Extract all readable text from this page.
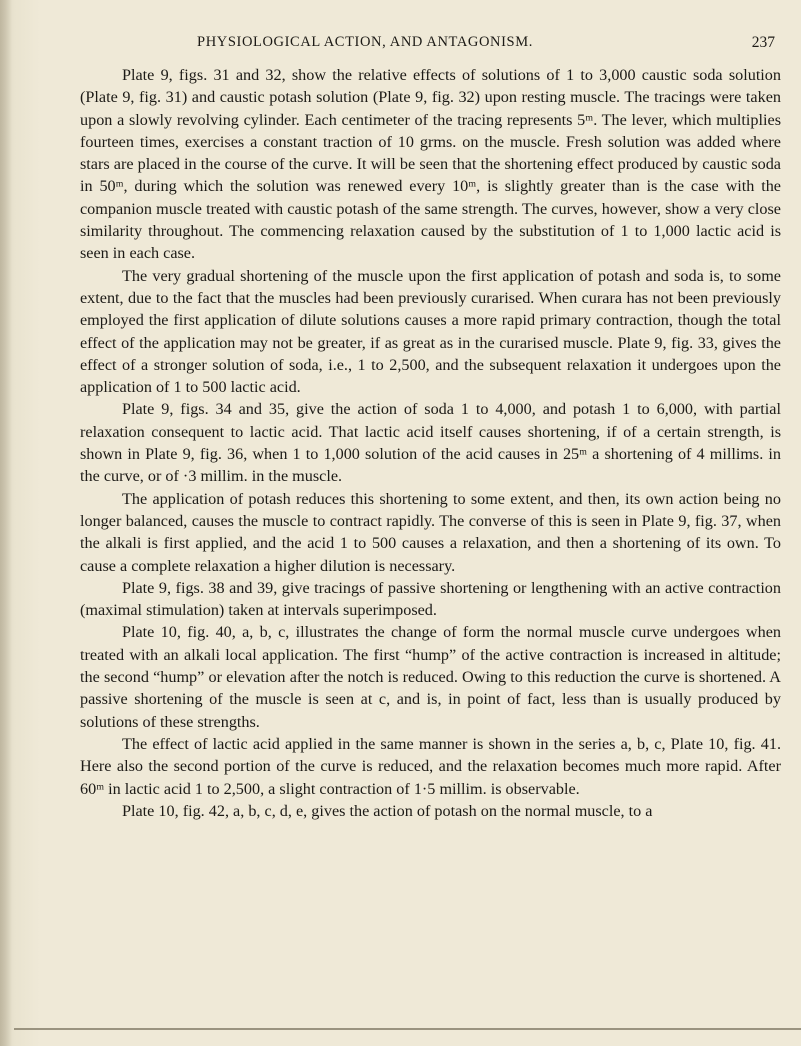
PHYSIOLOGICAL ACTION, AND ANTAGONISM.	237

Plate 9, figs. 31 and 32, show the relative effects of solutions of 1 to 3,000 caustic soda solution (Plate 9, fig. 31) and caustic potash solution (Plate 9, fig. 32) upon resting muscle. The tracings were taken upon a slowly revolving cylinder. Each centimeter of the tracing represents 5ᵐ. The lever, which multiplies fourteen times, exercises a constant traction of 10 grms. on the muscle. Fresh solution was added where stars are placed in the course of the curve. It will be seen that the shortening effect produced by caustic soda in 50ᵐ, during which the solution was renewed every 10ᵐ, is slightly greater than is the case with the companion muscle treated with caustic potash of the same strength. The curves, however, show a very close similarity throughout. The commencing relaxation caused by the substitution of 1 to 1,000 lactic acid is seen in each case.

The very gradual shortening of the muscle upon the first application of potash and soda is, to some extent, due to the fact that the muscles had been previously curarised. When curara has not been previously employed the first application of dilute solutions causes a more rapid primary contraction, though the total effect of the application may not be greater, if as great as in the curarised muscle. Plate 9, fig. 33, gives the effect of a stronger solution of soda, i.e., 1 to 2,500, and the subsequent relaxation it undergoes upon the application of 1 to 500 lactic acid.

Plate 9, figs. 34 and 35, give the action of soda 1 to 4,000, and potash 1 to 6,000, with partial relaxation consequent to lactic acid. That lactic acid itself causes shortening, if of a certain strength, is shown in Plate 9, fig. 36, when 1 to 1,000 solution of the acid causes in 25ᵐ a shortening of 4 millims. in the curve, or of ·3 millim. in the muscle.

The application of potash reduces this shortening to some extent, and then, its own action being no longer balanced, causes the muscle to contract rapidly. The converse of this is seen in Plate 9, fig. 37, when the alkali is first applied, and the acid 1 to 500 causes a relaxation, and then a shortening of its own. To cause a complete relaxation a higher dilution is necessary.

Plate 9, figs. 38 and 39, give tracings of passive shortening or lengthening with an active contraction (maximal stimulation) taken at intervals superimposed.

Plate 10, fig. 40, a, b, c, illustrates the change of form the normal muscle curve undergoes when treated with an alkali local application. The first “hump” of the active contraction is increased in altitude; the second “hump” or elevation after the notch is reduced. Owing to this reduction the curve is shortened. A passive shortening of the muscle is seen at c, and is, in point of fact, less than is usually produced by solutions of these strengths.

The effect of lactic acid applied in the same manner is shown in the series a, b, c, Plate 10, fig. 41. Here also the second portion of the curve is reduced, and the relaxation becomes much more rapid. After 60ᵐ in lactic acid 1 to 2,500, a slight contraction of 1·5 millim. is observable.

Plate 10, fig. 42, a, b, c, d, e, gives the action of potash on the normal muscle, to a
